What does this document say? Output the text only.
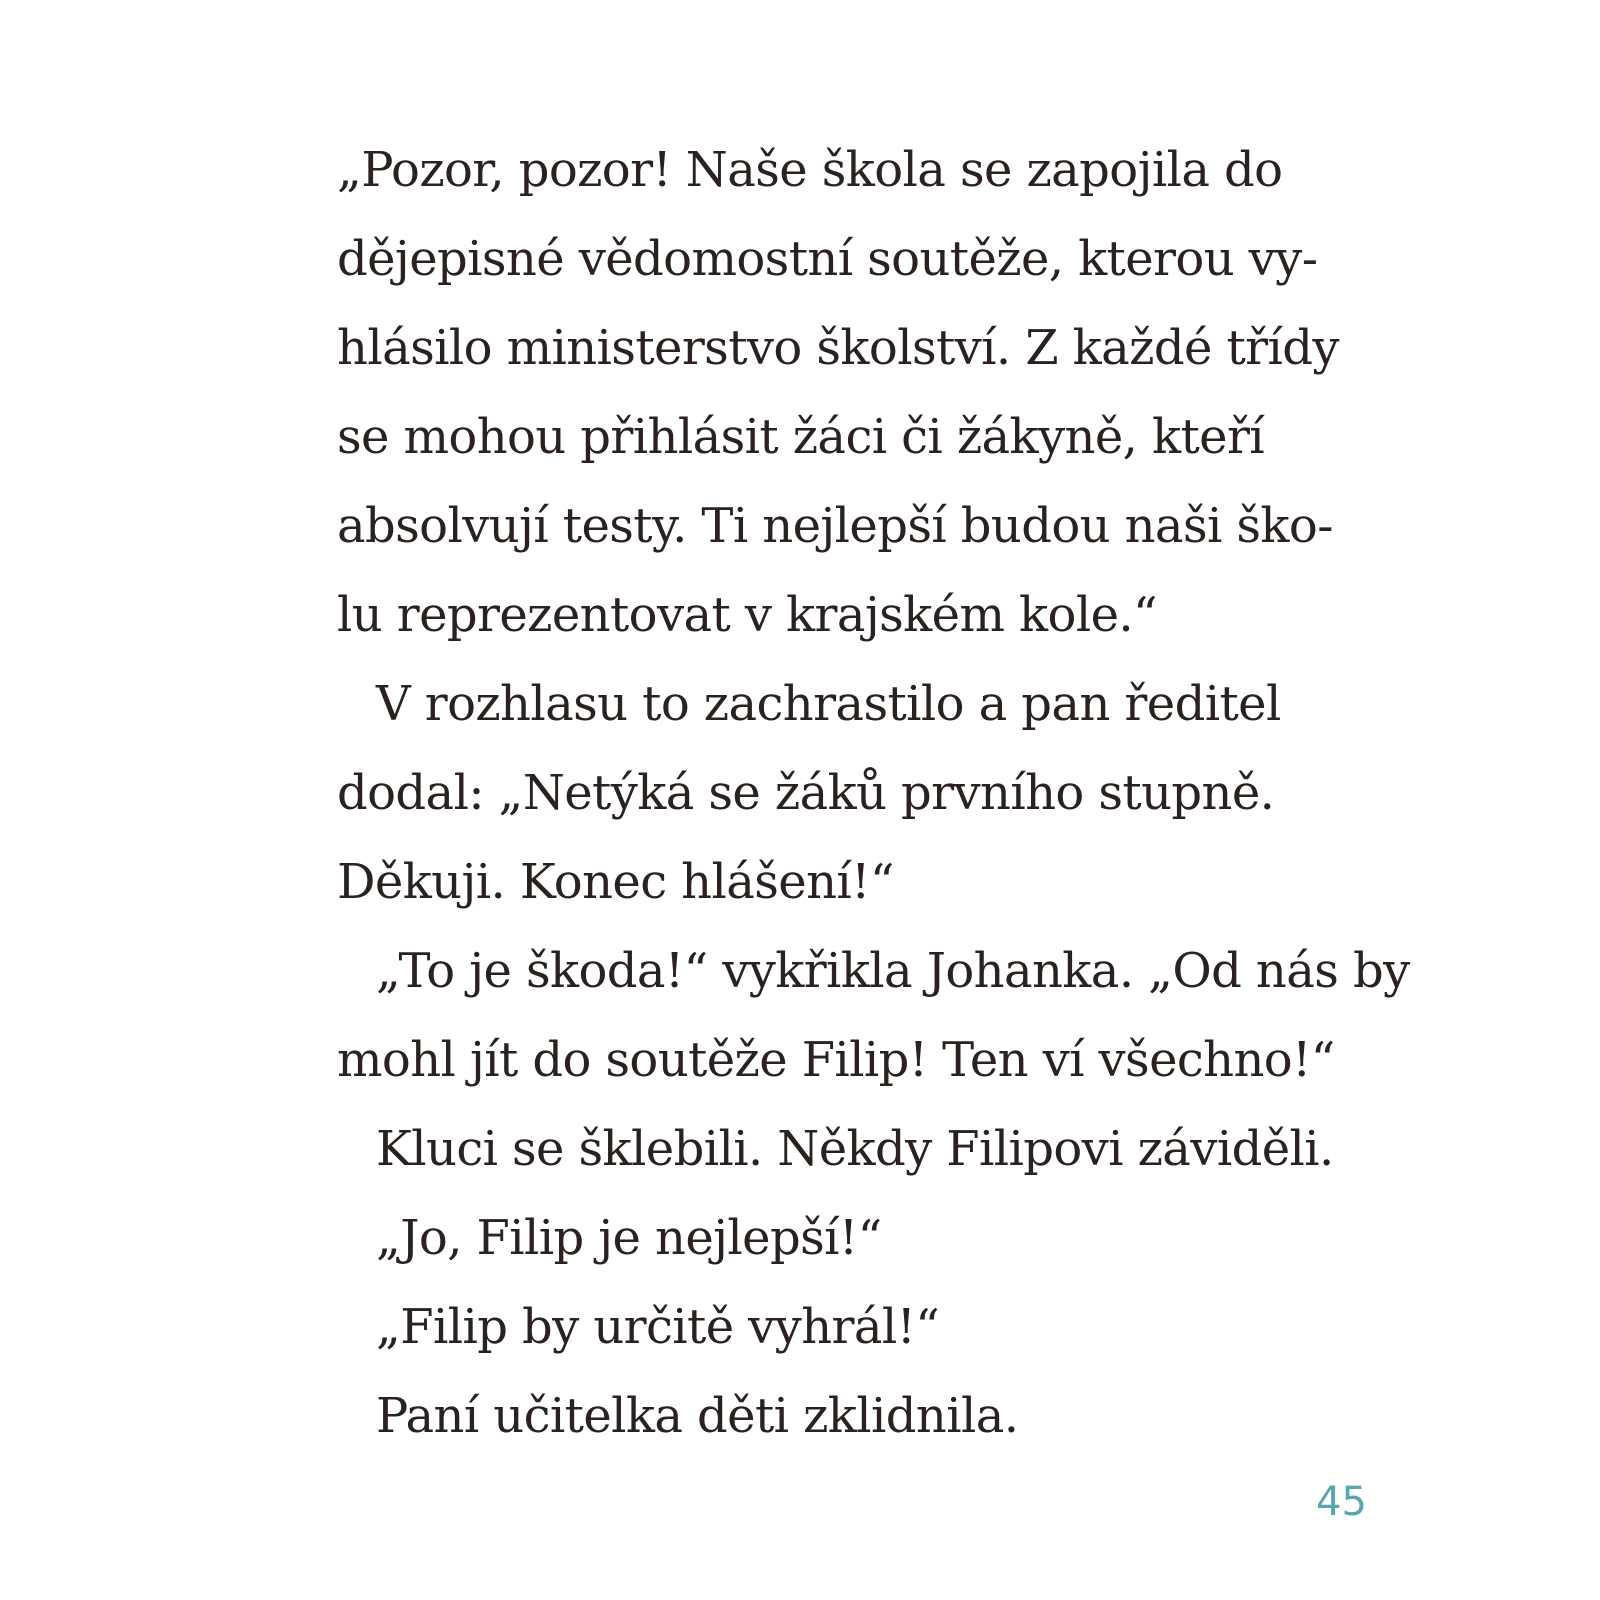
„Pozor, pozor! Naše škola se zapojila do
dějepisné vědomostní soutěže, kterou vy-
hlásilo ministerstvo školství. Z každé třídy
se mohou přihlásit žáci či žákyně, kteří
absolvují testy. Ti nejlepší budou naši ško-
lu reprezentovat v krajském kole.“
V rozhlasu to zachrastilo a pan ředitel
dodal: „Netýká se žáků prvního stupně.
Děkuji. Konec hlášení!“
„To je škoda!“ vykřikla Johanka. „Od nás by
mohl jít do soutěže Filip! Ten ví všechno!“
Kluci se šklebili. Někdy Filipovi záviděli.
„Jo, Filip je nejlepší!“
„Filip by určitě vyhrál!“
Paní učitelka děti zklidnila.
45
